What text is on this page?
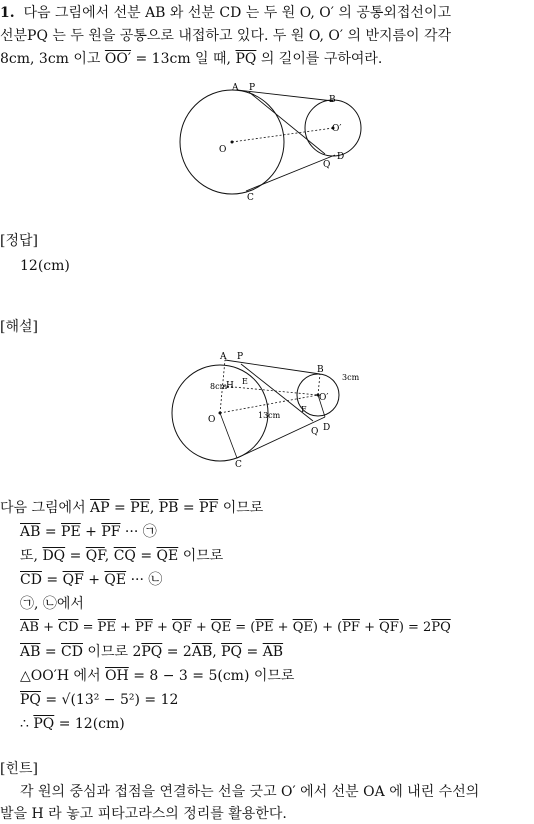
1. 다음 그림에서 선분 AB 와 선분 CD 는 두 원 O, O′ 의 공통외접선이고
선분PQ 는 두 원을 공통으로 내접하고 있다. 두 원 O, O′ 의 반지름이 각각
8cm, 3cm 이고 OO′ = 13cm 일 때, $\overline{PQ}$ 의 길이를 구하여라.
A P
B
O
O′
D
Q
C
[정답]
12(cm)
[해설]
A P
B
E
8cm
H
O
O′
3cm
F
13cm
Q D
C
다음 그림에서 $\overline{AP} = \overline{PE}$, $\overline{PB} = \overline{PF}$ 이므로
$\overline{AB} = \overline{PE} + \overline{PF}$ ··· ㉠
또, $\overline{DQ} = \overline{QF}$, $\overline{CQ} = \overline{QE}$ 이므로
$\overline{CD} = \overline{QF} + \overline{QE}$ ··· ㉡
㉠, ㉡에서
$\overline{AB} + \overline{CD} = \overline{PE} + \overline{PF} + \overline{QF} + \overline{QE} = (\overline{PE} + \overline{QE}) + (\overline{PF} + \overline{QF}) = 2\overline{PQ}$
$\overline{AB} = \overline{CD}$ 이므로 $2\overline{PQ} = 2\overline{AB}$, $\overline{PQ} = \overline{AB}$
△OO′H 에서 $\overline{OH} = 8 - 3 = 5(cm)$ 이므로
$\overline{PQ} = √(13^2 - 5^2) = 12$
∴ $\overline{PQ} = 12(cm)$
[힌트]
각 원의 중심과 접점을 연결하는 선을 긋고 O′ 에서 선분 OA 에 내린 수선의
발을 H 라 놓고 피타고라스의 정리를 활용한다.
